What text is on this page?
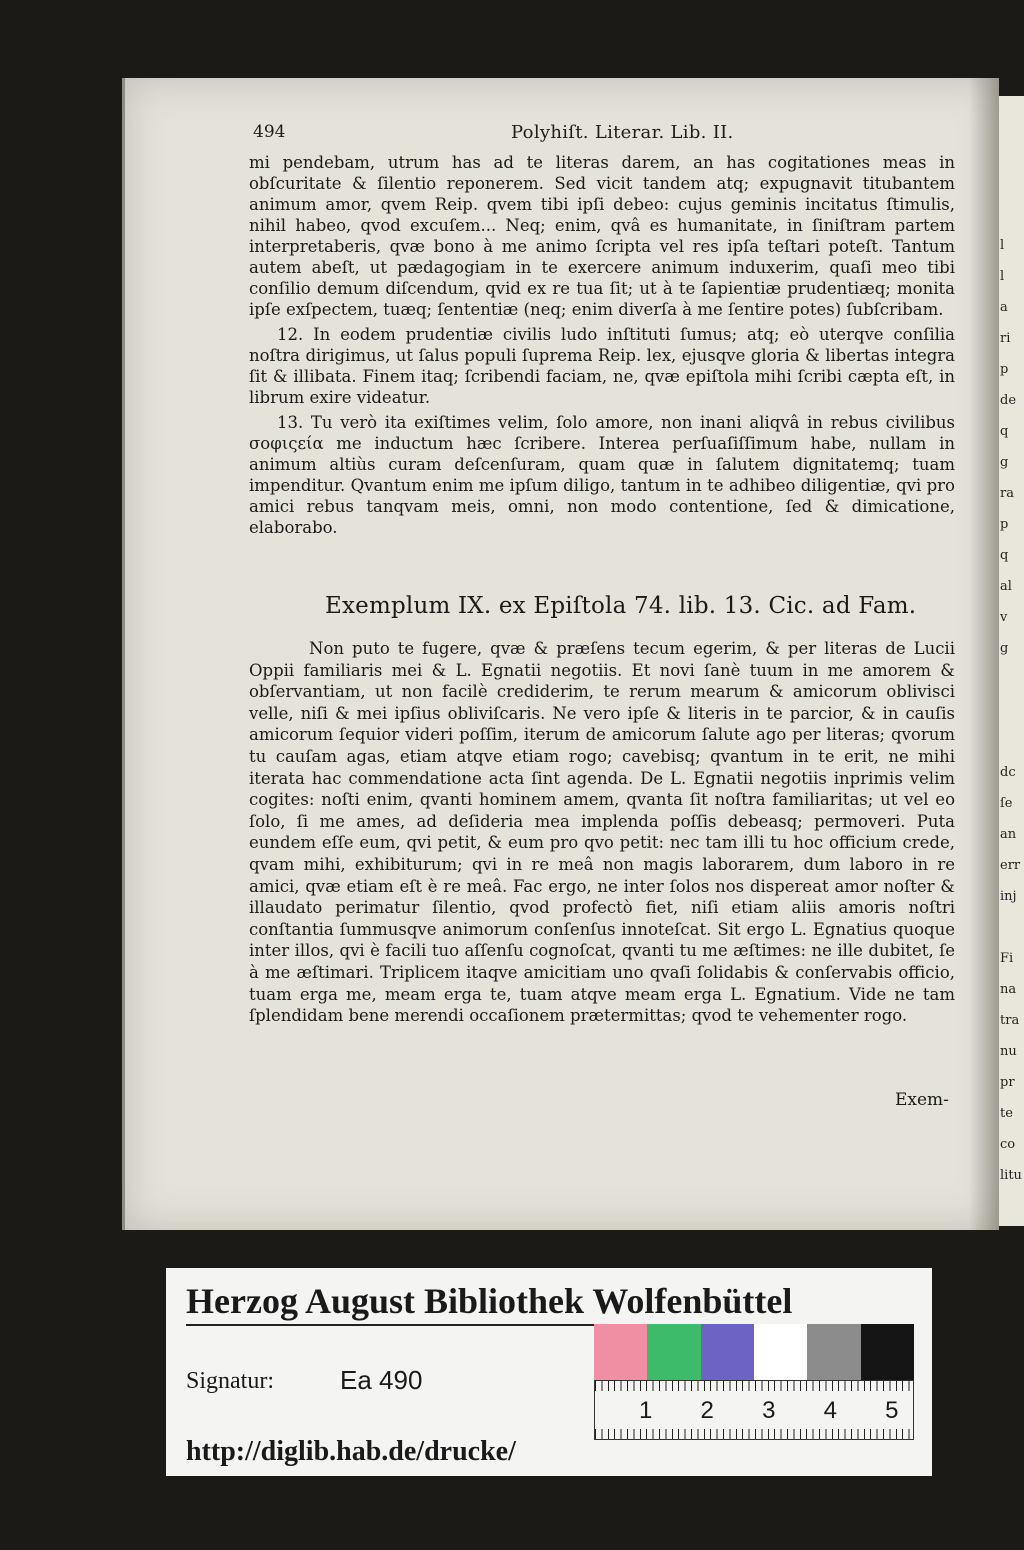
l
l
a
ri
p
de
q
g
ra
p
q
al
v
g
dc
ſe
an
err
inj
Fi
na
tra
nu
pr
te
co
litu
494	Polyhiſt. Literar. Lib. II.

mi pendebam, utrum has ad te literas darem, an has cogitationes meas in obſcuritate & ſilentio reponerem. Sed vicit tandem atq; expugnavit titubantem animum amor, qvem Reip. qvem tibi ipſi debeo: cujus geminis incitatus ſtimulis, nihil habeo, qvod excuſem... Neq; enim, qvâ es humanitate, in ſiniſtram partem interpretaberis, qvæ bono à me animo ſcripta vel res ipſa teſtari poteſt. Tantum autem abeſt, ut pædagogiam in te exercere animum induxerim, quaſi meo tibi conſilio demum diſcendum, qvid ex re tua ſit; ut à te ſapientiæ prudentiæq; monita ipſe exſpectem, tuæq; ſententiæ (neq; enim diverſa à me ſentire potes) ſubſcribam.

12. In eodem prudentiæ civilis ludo inſtituti ſumus; atq; eò uterqve conſilia noſtra dirigimus, ut ſalus populi ſuprema Reip. lex, ejusqve gloria & libertas integra ſit & illibata. Finem itaq; ſcribendi faciam, ne, qvæ epiſtola mihi ſcribi cæpta eſt, in librum exire videatur.

13. Tu verò ita exiſtimes velim, ſolo amore, non inani aliqvâ in rebus civilibus σοφιςεία me inductum hæc ſcribere. Interea perſuaſiſſimum habe, nullam in animum altiùs curam deſcenſuram, quam quæ in ſalutem dignitatemq; tuam impenditur. Qvantum enim me ipſum diligo, tantum in te adhibeo diligentiæ, qvi pro amici rebus tanqvam meis, omni, non modo contentione, ſed & dimicatione, elaborabo.

Exemplum IX. ex Epiſtola 74. lib. 13. Cic. ad Fam.

Non puto te fugere, qvæ & præſens tecum egerim, & per literas de Lucii Oppii familiaris mei & L. Egnatii negotiis. Et novi ſanè tuum in me amorem & obſervantiam, ut non facilè crediderim, te rerum mearum & amicorum oblivisci velle, niſi & mei ipſius obliviſcaris. Ne vero ipſe & literis in te parcior, & in cauſis amicorum ſequior videri poſſim, iterum de amicorum ſalute ago per literas; qvorum tu cauſam agas, etiam atqve etiam rogo; cavebisq; qvantum in te erit, ne mihi iterata hac commendatione acta ſint agenda. De L. Egnatii negotiis inprimis velim cogites: noſti enim, qvanti hominem amem, qvanta ſit noſtra familiaritas; ut vel eo ſolo, ſi me ames, ad deſideria mea implenda poſſis debeasq; permoveri. Puta eundem eſſe eum, qvi petit, & eum pro qvo petit: nec tam illi tu hoc officium crede, qvam mihi, exhibiturum; qvi in re meâ non magis laborarem, dum laboro in re amici, qvæ etiam eſt è re meâ. Fac ergo, ne inter ſolos nos dispereat amor noſter & illaudato perimatur ſilentio, qvod profectò fiet, niſi etiam aliis amoris noſtri conſtantia ſummusqve animorum conſenſus innoteſcat. Sit ergo L. Egnatius quoque inter illos, qvi è facili tuo aſſenſu cognoſcat, qvanti tu me æſtimes: ne ille dubitet, ſe à me æſtimari. Triplicem itaqve amicitiam uno qvaſi ſolidabis & conſervabis officio, tuam erga me, meam erga te, tuam atqve meam erga L. Egnatium. Vide ne tam ſplendidam bene merendi occaſionem prætermittas; qvod te vehementer rogo.

Exem-
Herzog August Bibliothek Wolfenbüttel
Signatur:	Ea 490
http://diglib.hab.de/drucke/
1 2 3 4 5
